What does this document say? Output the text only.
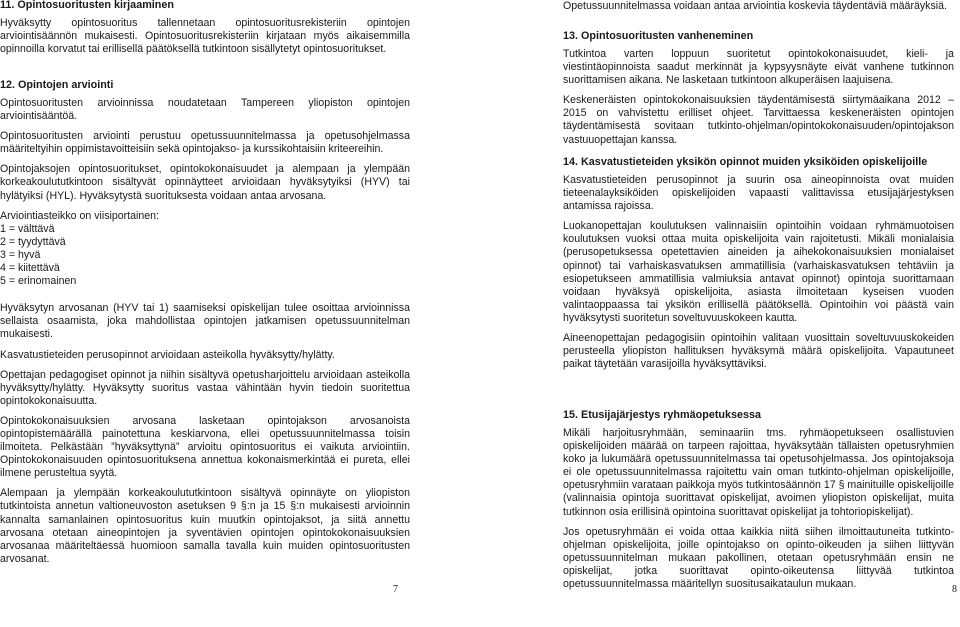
11. Opintosuoritusten kirjaaminen

Hyväksytty opintosuoritus tallennetaan opintosuoritusrekisteriin opintojen arviointisäännön mukaisesti. Opintosuoritusrekisteriin kirjataan myös aikaisemmilla opinnoilla korvatut tai erillisellä päätöksellä tutkintoon sisällytetyt opintosuoritukset.

12. Opintojen arviointi

Opintosuoritusten arvioinnissa noudatetaan Tampereen yliopiston opintojen arviointisääntöä.

Opintosuoritusten arviointi perustuu opetussuunnitelmassa ja opetusohjelmassa määriteltyihin oppimistavoitteisiin sekä opintojakso- ja kurssikohtaisiin kriteereihin.

Opintojaksojen opintosuoritukset, opintokokonaisuudet ja alempaan ja ylempään korkeakoulututkintoon sisältyvät opinnäytteet arvioidaan hyväksytyiksi (HYV) tai hylätyiksi (HYL). Hyväksytystä suorituksesta voidaan antaa arvosana.

Arviointiasteikko on viisiportainen:
1 = välttävä
2 = tyydyttävä
3 = hyvä
4 = kiitettävä
5 = erinomainen

Hyväksytyn arvosanan (HYV tai 1) saamiseksi opiskelijan tulee osoittaa arvioinnissa sellaista osaamista, joka mahdollistaa opintojen jatkamisen opetussuunnitelman mukaisesti.

Kasvatustieteiden perusopinnot arvioidaan asteikolla hyväksytty/hylätty.

Opettajan pedagogiset opinnot ja niihin sisältyvä opetusharjoittelu arvioidaan asteikolla hyväksytty/hylätty. Hyväksytty suoritus vastaa vähintään hyvin tiedoin suoritettua opintokokonaisuutta.

Opintokokonaisuuksien arvosana lasketaan opintojakson arvosanoista opintopistemäärällä painotettuna keskiarvona, ellei opetussuunnitelmassa toisin ilmoiteta. Pelkästään ”hyväksyttynä” arvioitu opintosuoritus ei vaikuta arviointiin. Opintokokonaisuuden opintosuorituksena annettua kokonaismerkintää ei pureta, ellei ilmene perusteltua syytä.

Alempaan ja ylempään korkeakoulututkintoon sisältyvä opinnäyte on yliopiston tutkintoista annetun valtioneuvoston asetuksen 9 §:n ja 15 §:n mukaisesti arvioinnin kannalta samanlainen opintosuoritus kuin muutkin opintojaksot, ja siitä annettu arvosana otetaan aineopintojen ja syventävien opintojen opintokokonaisuuksien arvosanaa määriteltäessä huomioon samalla tavalla kuin muiden opintosuoritusten arvosanat.

7

Opetussuunnitelmassa voidaan antaa arviointia koskevia täydentäviä määräyksiä.

13. Opintosuoritusten vanheneminen

Tutkintoa varten loppuun suoritetut opintokokonaisuudet, kieli- ja viestintäopinnoista saadut merkinnät ja kypsyysnäyte eivät vanhene tutkinnon suorittamisen aikana. Ne lasketaan tutkintoon alkuperäisen laajuisena.

Keskeneräisten opintokokonaisuuksien täydentämisestä siirtymäaikana 2012 – 2015 on vahvistettu erilliset ohjeet. Tarvittaessa keskeneräisten opintojen täydentämisestä sovitaan tutkinto-ohjelman/opintokokonaisuuden/opintojakson vastuuopettajan kanssa.

14. Kasvatustieteiden yksikön opinnot muiden yksiköiden opiskelijoille

Kasvatustieteiden perusopinnot ja suurin osa aineopinnoista ovat muiden tieteenalayksiköiden opiskelijoiden vapaasti valittavissa etusijajärjestyksen antamissa rajoissa.

Luokanopettajan koulutuksen valinnaisiin opintoihin voidaan ryhmämuotoisen koulutuksen vuoksi ottaa muita opiskelijoita vain rajoitetusti. Mikäli monialaisia (perusopetuksessa opetettavien aineiden ja aihekokonaisuuksien monialaiset opinnot) tai varhaiskasvatuksen ammatillisia (varhaiskasvatuksen tehtäviin ja esiopetukseen ammatillisia valmiuksia antavat opinnot) opintoja suorittamaan voidaan hyväksyä opiskelijoita, asiasta ilmoitetaan kyseisen vuoden valintaoppaassa tai yksikön erillisellä päätöksellä. Opintoihin voi päästä vain hyväksytysti suoritetun soveltuvuuskokeen kautta.

Aineenopettajan pedagogisiin opintoihin valitaan vuosittain soveltuvuuskokeiden perusteella yliopiston hallituksen hyväksymä määrä opiskelijoita. Vapautuneet paikat täytetään varasijoilla hyväksyttäviksi.

15. Etusijajärjestys ryhmäopetuksessa

Mikäli harjoitusryhmään, seminaariin tms. ryhmäopetukseen osallistuvien opiskelijoiden määrää on tarpeen rajoittaa, hyväksytään tällaisten opetusryhmien koko ja lukumäärä opetussuunnitelmassa tai opetusohjelmassa. Jos opintojaksoja ei ole opetussuunnitelmassa rajoitettu vain oman tutkinto-ohjelman opiskelijoille, opetusryhmiin varataan paikkoja myös tutkintosäännön 17 § mainituille opiskelijoille (valinnaisia opintoja suorittavat opiskelijat, avoimen yliopiston opiskelijat, muita tutkinnon osia erillisinä opintoina suorittavat opiskelijat ja tohtoriopiskelijat).

Jos opetusryhmään ei voida ottaa kaikkia niitä siihen ilmoittautuneita tutkinto-ohjelman opiskelijoita, joille opintojakso on opinto-oikeuden ja siihen liittyvän opetussuunnitelman mukaan pakollinen, otetaan opetusryhmään ensin ne opiskelijat, jotka suorittavat opinto-oikeutensa liittyvää tutkintoa opetussuunnitelmassa määritellyn suositusaikataulun mukaan.	8
